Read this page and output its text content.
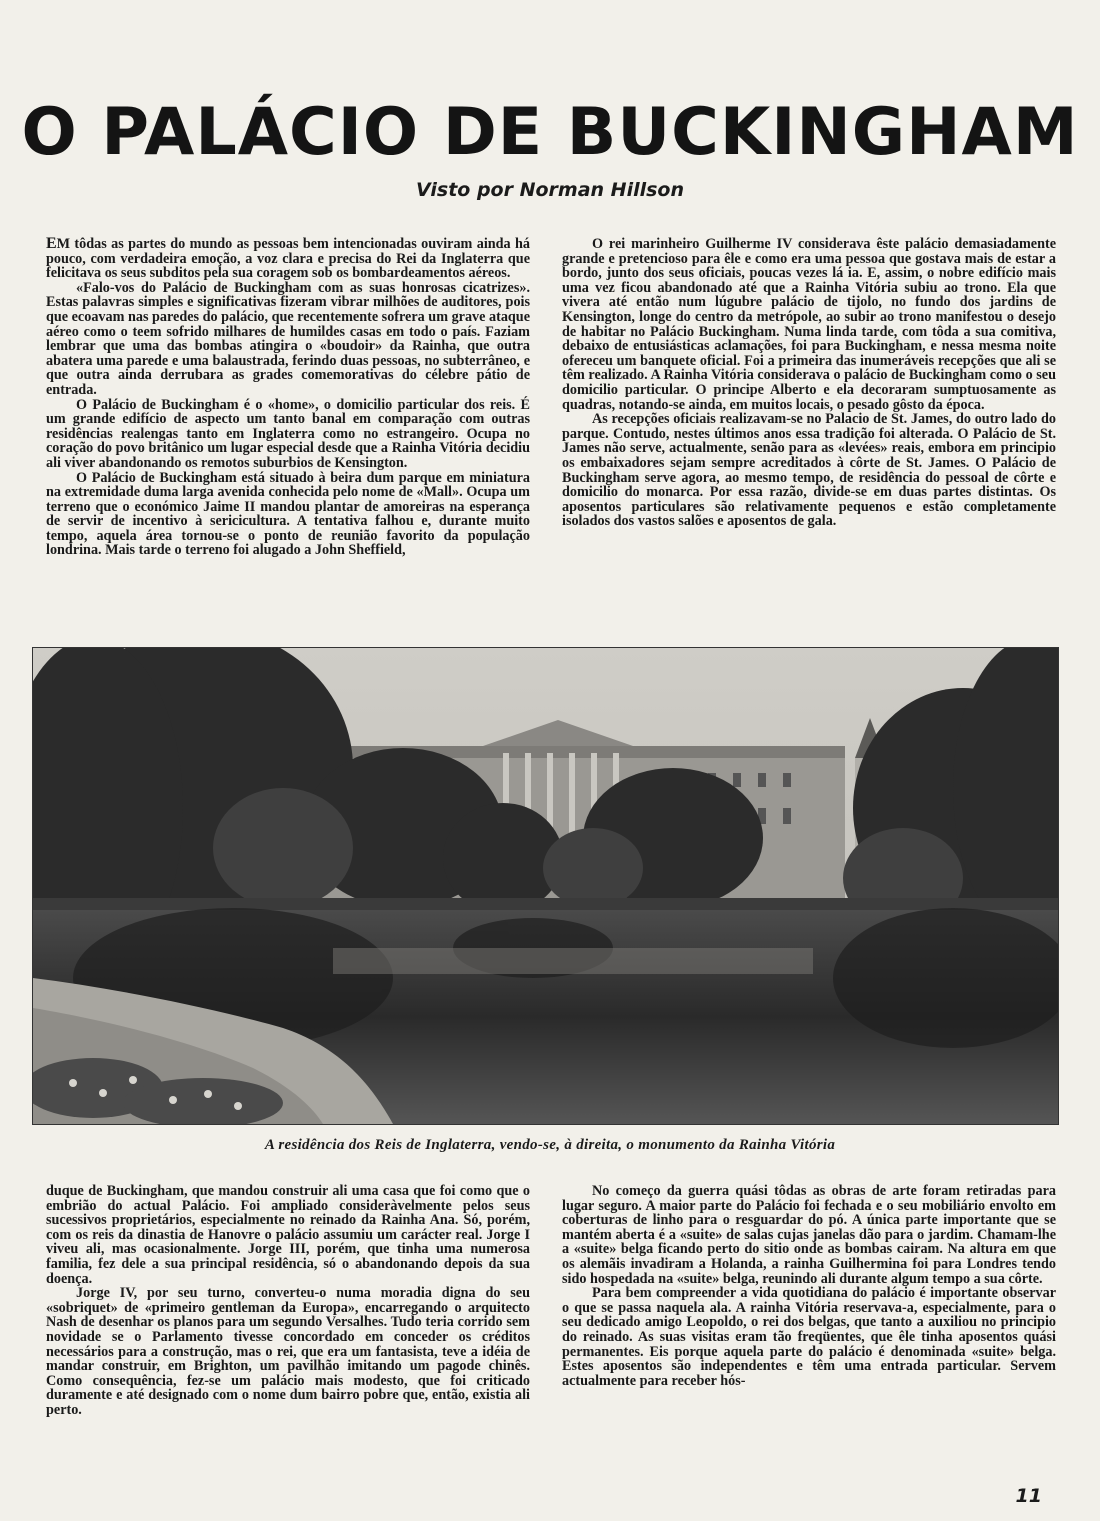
O PALÁCIO DE BUCKINGHAM
Visto por Norman Hillson

EM tôdas as partes do mundo as pessoas bem intencionadas ouviram ainda há pouco, com verdadeira emoção, a voz clara e precisa do Rei da Inglaterra que felicitava os seus subditos pela sua coragem sob os bombardeamentos aéreos.

«Falo-vos do Palácio de Buckingham com as suas honrosas cicatrizes». Estas palavras simples e significativas fizeram vibrar milhões de auditores, pois que ecoavam nas paredes do palácio, que recentemente sofrera um grave ataque aéreo como o teem sofrido milhares de humildes casas em todo o país. Faziam lembrar que uma das bombas atingira o «boudoir» da Rainha, que outra abatera uma parede e uma balaustrada, ferindo duas pessoas, no subterrâneo, e que outra ainda derrubara as grades comemorativas do célebre pátio de entrada.

O Palácio de Buckingham é o «home», o domicilio particular dos reis. É um grande edifício de aspecto um tanto banal em comparação com outras residências realengas tanto em Inglaterra como no estrangeiro. Ocupa no coração do povo britânico um lugar especial desde que a Rainha Vitória decidiu ali viver abandonando os remotos suburbios de Kensington.

O Palácio de Buckingham está situado à beira dum parque em miniatura na extremidade duma larga avenida conhecida pelo nome de «Mall». Ocupa um terreno que o económico Jaime II mandou plantar de amoreiras na esperança de servir de incentivo à sericicultura. A tentativa falhou e, durante muito tempo, aquela área tornou-se o ponto de reunião favorito da população londrina. Mais tarde o terreno foi alugado a John Sheffield,

O rei marinheiro Guilherme IV considerava êste palácio demasiadamente grande e pretencioso para êle e como era uma pessoa que gostava mais de estar a bordo, junto dos seus oficiais, poucas vezes lá ia. E, assim, o nobre edifício mais uma vez ficou abandonado até que a Rainha Vitória subiu ao trono. Ela que vivera até então num lúgubre palácio de tijolo, no fundo dos jardins de Kensington, longe do centro da metrópole, ao subir ao trono manifestou o desejo de habitar no Palácio Buckingham. Numa linda tarde, com tôda a sua comitiva, debaixo de entusiásticas aclamações, foi para Buckingham, e nessa mesma noite ofereceu um banquete oficial. Foi a primeira das inumeráveis recepções que ali se têm realizado. A Rainha Vitória considerava o palácio de Buckingham como o seu domicilio particular. O principe Alberto e ela decoraram sumptuosamente as quadras, notando-se ainda, em muitos locais, o pesado gôsto da época.

As recepções oficiais realizavam-se no Palacio de St. James, do outro lado do parque. Contudo, nestes últimos anos essa tradição foi alterada. O Palácio de St. James não serve, actualmente, senão para as «levées» reais, embora em principio os embaixadores sejam sempre acreditados à côrte de St. James. O Palácio de Buckingham serve agora, ao mesmo tempo, de residência do pessoal de côrte e domicilio do monarca. Por essa razão, divide-se em duas partes distintas. Os aposentos particulares são relativamente pequenos e estão completamente isolados dos vastos salões e aposentos de gala.

A residência dos Reis de Inglaterra, vendo-se, à direita, o monumento da Rainha Vitória

duque de Buckingham, que mandou construir ali uma casa que foi como que o embrião do actual Palácio. Foi ampliado consideràvelmente pelos seus sucessivos proprietários, especialmente no reinado da Rainha Ana. Só, porém, com os reis da dinastia de Hanovre o palácio assumiu um carácter real. Jorge I viveu ali, mas ocasionalmente. Jorge III, porém, que tinha uma numerosa familia, fez dele a sua principal residência, só o abandonando depois da sua doença.

Jorge IV, por seu turno, converteu-o numa moradia digna do seu «sobriquet» de «primeiro gentleman da Europa», encarregando o arquitecto Nash de desenhar os planos para um segundo Versalhes. Tudo teria corrido sem novidade se o Parlamento tivesse concordado em conceder os créditos necessários para a construção, mas o rei, que era um fantasista, teve a idéia de mandar construir, em Brighton, um pavilhão imitando um pagode chinês. Como consequência, fez-se um palácio mais modesto, que foi criticado duramente e até designado com o nome dum bairro pobre que, então, existia ali perto.

No começo da guerra quási tôdas as obras de arte foram retiradas para lugar seguro. A maior parte do Palácio foi fechada e o seu mobiliário envolto em coberturas de linho para o resguardar do pó. A única parte importante que se mantém aberta é a «suite» de salas cujas janelas dão para o jardim. Chamam-lhe a «suite» belga ficando perto do sitio onde as bombas cairam. Na altura em que os alemãis invadiram a Holanda, a rainha Guilhermina foi para Londres tendo sido hospedada na «suite» belga, reunindo ali durante algum tempo a sua côrte.

Para bem compreender a vida quotidiana do palácio é importante observar o que se passa naquela ala. A rainha Vitória reservava-a, especialmente, para o seu dedicado amigo Leopoldo, o rei dos belgas, que tanto a auxiliou no principio do reinado. As suas visitas eram tão freqüentes, que êle tinha aposentos quási permanentes. Eis porque aquela parte do palácio é denominada «suite» belga. Estes aposentos são independentes e têm uma entrada particular. Servem actualmente para receber hós-

11
